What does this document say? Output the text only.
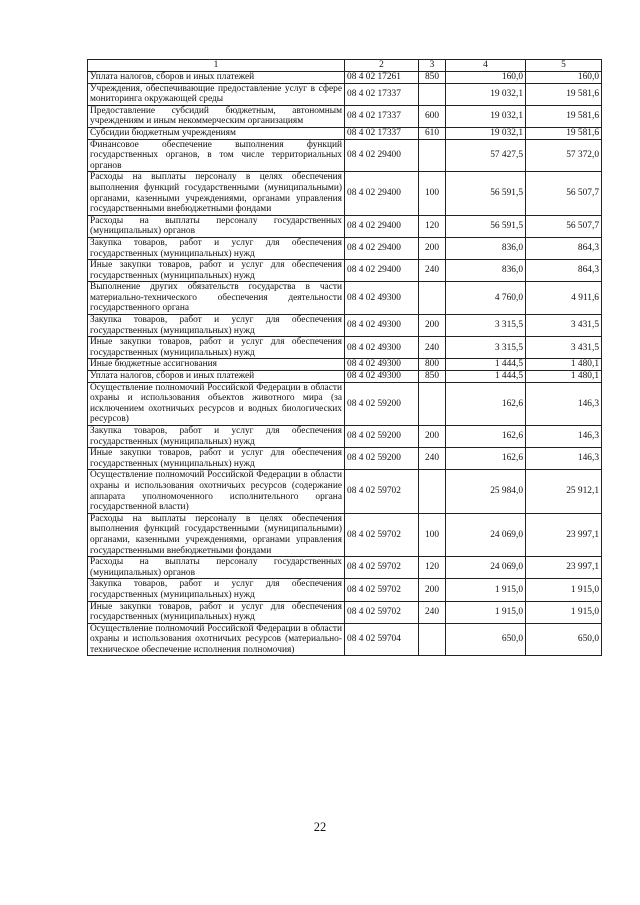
1	2	3	4	5
Уплата налогов, сборов и иных платежей	08 4 02 17261	850	160,0	160,0
Учреждения, обеспечивающие предоставление услуг в сфере мониторинга окружающей среды	08 4 02 17337		19 032,1	19 581,6
Предоставление субсидий бюджетным, автономным учреждениям и иным некоммерческим организациям	08 4 02 17337	600	19 032,1	19 581,6
Субсидии бюджетным учреждениям	08 4 02 17337	610	19 032,1	19 581,6
Финансовое обеспечение выполнения функций государственных органов, в том числе территориальных органов	08 4 02 29400		57 427,5	57 372,0
Расходы на выплаты персоналу в целях обеспечения выполнения функций государственными (муниципальными) органами, казенными учреждениями, органами управления государственными внебюджетными фондами	08 4 02 29400	100	56 591,5	56 507,7
Расходы на выплаты персоналу государственных (муниципальных) органов	08 4 02 29400	120	56 591,5	56 507,7
Закупка товаров, работ и услуг для обеспечения государственных (муниципальных) нужд	08 4 02 29400	200	836,0	864,3
Иные закупки товаров, работ и услуг для обеспечения государственных (муниципальных) нужд	08 4 02 29400	240	836,0	864,3
Выполнение других обязательств государства в части материально-технического обеспечения деятельности государственного органа	08 4 02 49300		4 760,0	4 911,6
Закупка товаров, работ и услуг для обеспечения государственных (муниципальных) нужд	08 4 02 49300	200	3 315,5	3 431,5
Иные закупки товаров, работ и услуг для обеспечения государственных (муниципальных) нужд	08 4 02 49300	240	3 315,5	3 431,5
Иные бюджетные ассигнования	08 4 02 49300	800	1 444,5	1 480,1
Уплата налогов, сборов и иных платежей	08 4 02 49300	850	1 444,5	1 480,1
Осуществление полномочий Российской Федерации в области охраны и использования объектов животного мира (за исключением охотничьих ресурсов и водных биологических ресурсов)	08 4 02 59200		162,6	146,3
Закупка товаров, работ и услуг для обеспечения государственных (муниципальных) нужд	08 4 02 59200	200	162,6	146,3
Иные закупки товаров, работ и услуг для обеспечения государственных (муниципальных) нужд	08 4 02 59200	240	162,6	146,3
Осуществление полномочий Российской Федерации в области охраны и использования охотничьих ресурсов (содержание аппарата уполномоченного исполнительного органа государственной власти)	08 4 02 59702		25 984,0	25 912,1
Расходы на выплаты персоналу в целях обеспечения выполнения функций государственными (муниципальными) органами, казенными учреждениями, органами управления государственными внебюджетными фондами	08 4 02 59702	100	24 069,0	23 997,1
Расходы на выплаты персоналу государственных (муниципальных) органов	08 4 02 59702	120	24 069,0	23 997,1
Закупка товаров, работ и услуг для обеспечения государственных (муниципальных) нужд	08 4 02 59702	200	1 915,0	1 915,0
Иные закупки товаров, работ и услуг для обеспечения государственных (муниципальных) нужд	08 4 02 59702	240	1 915,0	1 915,0
Осуществление полномочий Российской Федерации в области охраны и использования охотничьих ресурсов (материально-техническое обеспечение исполнения полномочия)	08 4 02 59704		650,0	650,0
22
